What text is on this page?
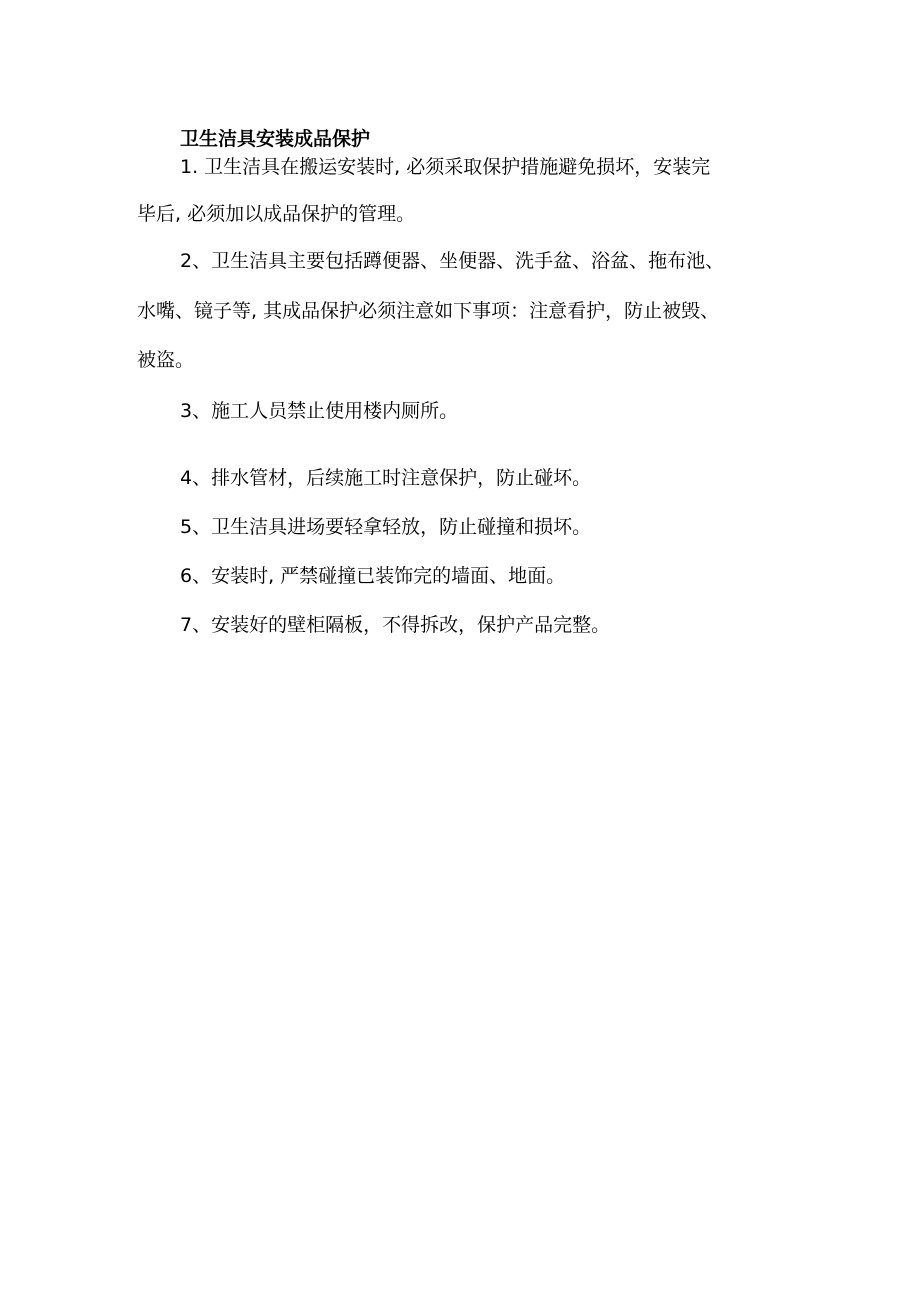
卫生洁具安装成品保护
1. 卫生洁具在搬运安装时, 必须采取保护措施避免损坏，安装完
毕后, 必须加以成品保护的管理。
2、卫生洁具主要包括蹲便器、坐便器、洗手盆、浴盆、拖布池、
水嘴、镜子等, 其成品保护必须注意如下事项：注意看护，防止被毁、
被盗。
3、施工人员禁止使用楼内厕所。
4、排水管材，后续施工时注意保护，防止碰坏。
5、卫生洁具进场要轻拿轻放，防止碰撞和损坏。
6、安装时, 严禁碰撞已装饰完的墙面、地面。
7、安装好的壁柜隔板，不得拆改，保护产品完整。
